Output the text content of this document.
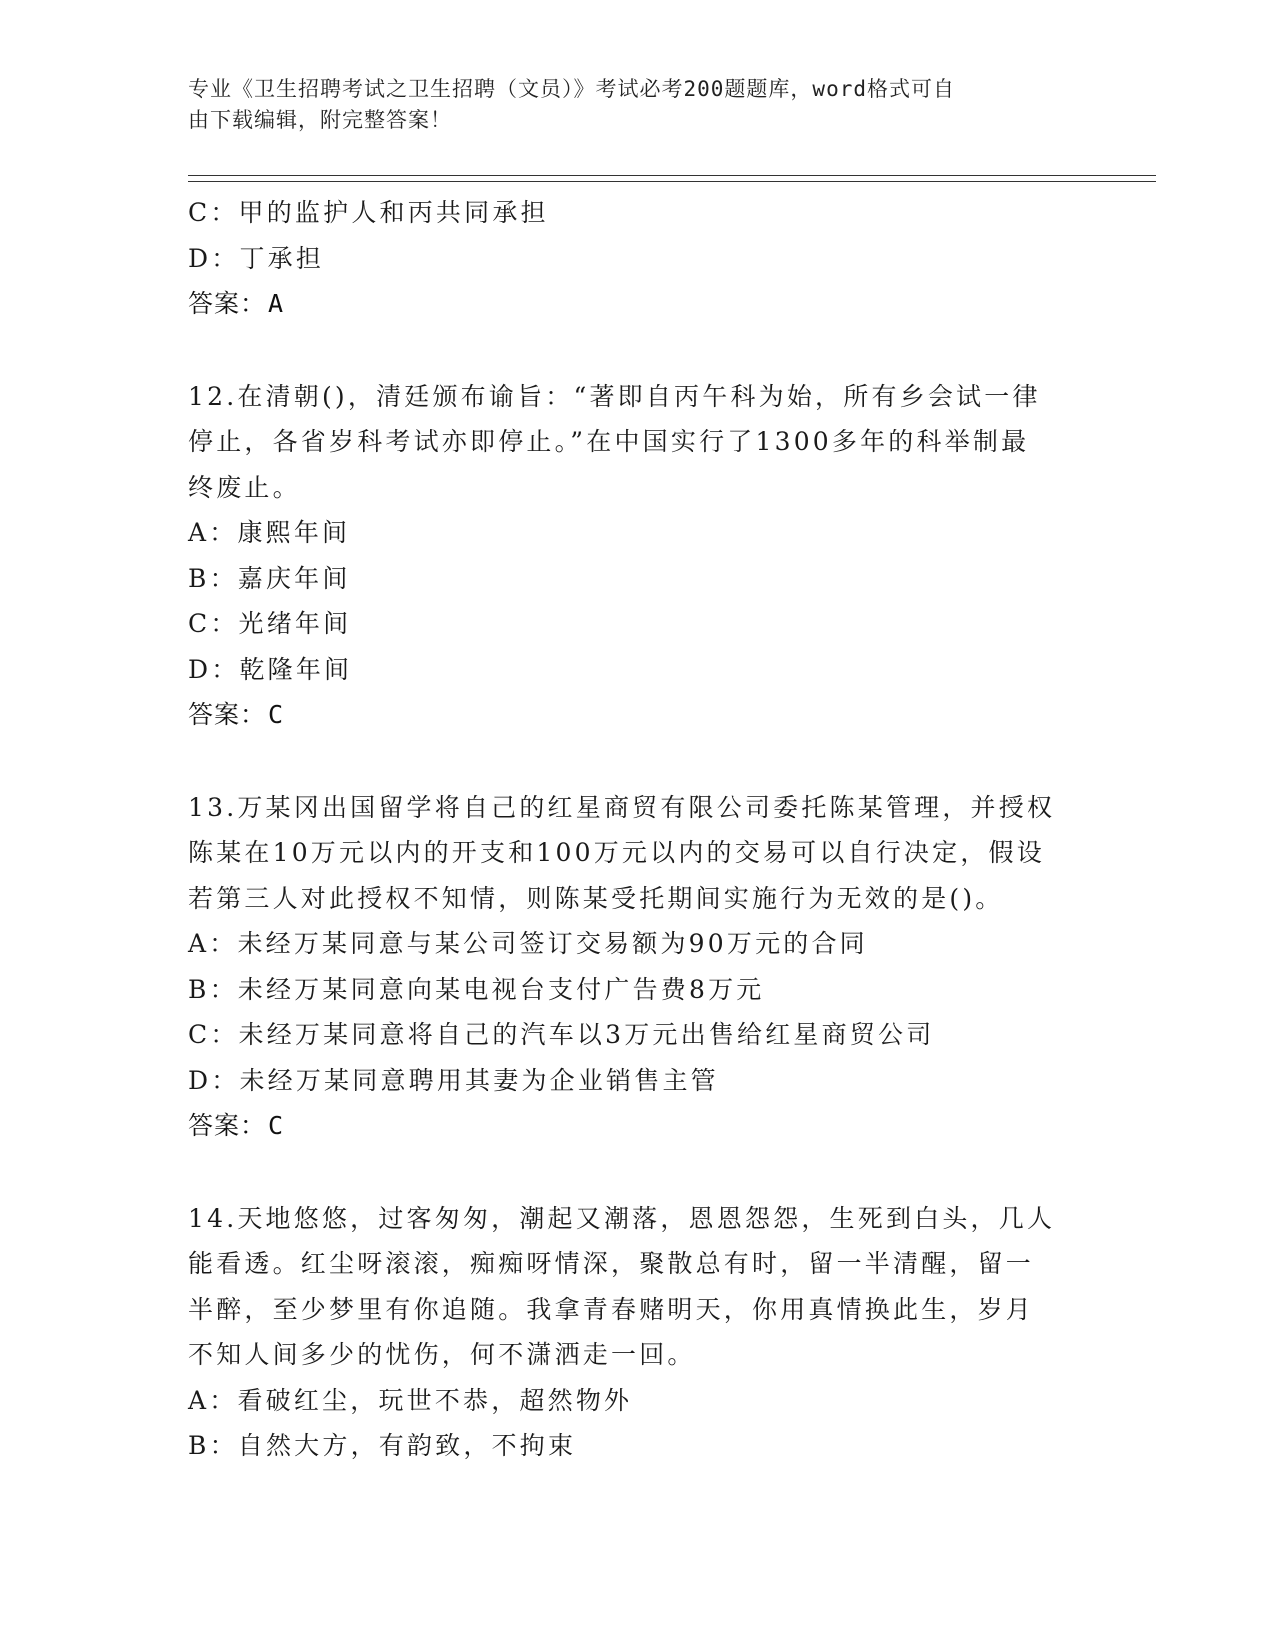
专业《卫生招聘考试之卫生招聘（文员）》考试必考200题题库，word格式可自
由下载编辑，附完整答案！
C：甲的监护人和丙共同承担
D：丁承担
答案：A
12.在清朝()，清廷颁布谕旨：“著即自丙午科为始，所有乡会试一律
停止，各省岁科考试亦即停止。”在中国实行了1300多年的科举制最
终废止。
A：康熙年间
B：嘉庆年间
C：光绪年间
D：乾隆年间
答案：C
13.万某冈出国留学将自己的红星商贸有限公司委托陈某管理，并授权
陈某在10万元以内的开支和100万元以内的交易可以自行决定，假设
若第三人对此授权不知情，则陈某受托期间实施行为无效的是()。
A：未经万某同意与某公司签订交易额为90万元的合同
B：未经万某同意向某电视台支付广告费8万元
C：未经万某同意将自己的汽车以3万元出售给红星商贸公司
D：未经万某同意聘用其妻为企业销售主管
答案：C
14.天地悠悠，过客匆匆，潮起又潮落，恩恩怨怨，生死到白头，几人
能看透。红尘呀滚滚，痴痴呀情深，聚散总有时，留一半清醒，留一
半醉，至少梦里有你追随。我拿青春赌明天，你用真情换此生，岁月
不知人间多少的忧伤，何不潇洒走一回。
A：看破红尘，玩世不恭，超然物外
B：自然大方，有韵致，不拘束
